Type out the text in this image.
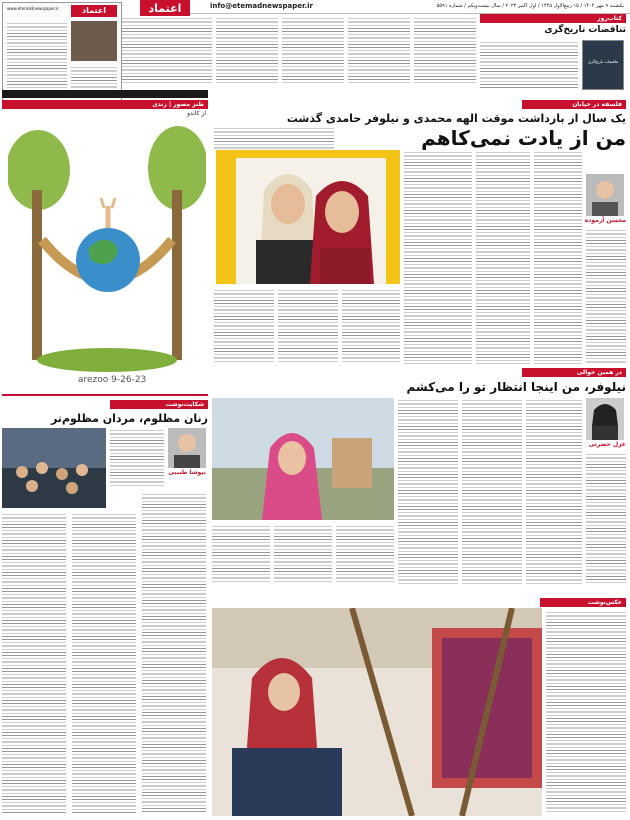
info@etemadnewspaper.ir	یکشنبه ۹ مهر ۱۴۰۲ / ۱۵ ربیع‌الاول ۱۴۴۵ / اول اکتبر ۲۰۲۳ / سال بیست‌ویکم / شماره ۵۵۹۱
اعتماد
اعتماد
www.etemadnewspaper.ir
کتاب‌روز
تناقضات تاریخ‌گری
تناقضات تاریخ‌گری
طنز مصور | زندی
از کاندو
arezoo 9-26-23
فلسفه در خیابان
یک سال از بازداشت موقت الهه محمدی و نیلوفر حامدی گذشت
من از یادت نمی‌کاهم
محسن آزموده
در همین حوالی
نیلوفر، من اینجا انتظار تو را می‌کشم
غزل حضرتی
شکایت‌نوشت
زنان مظلوم، مردان مظلوم‌تر
نیوشا طبیبی
عکس‌نوشت
